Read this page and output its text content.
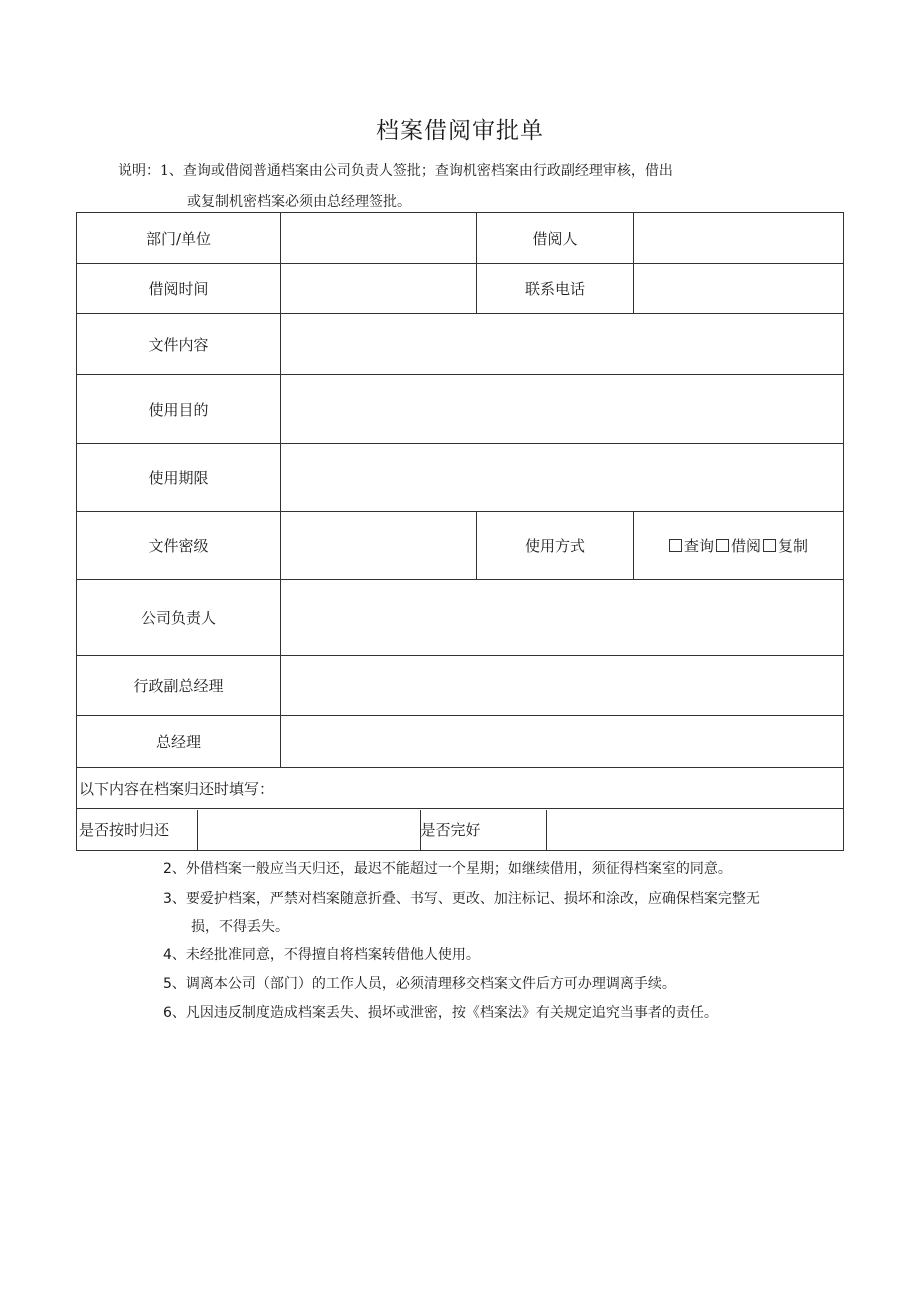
档案借阅审批单
说明：1、查询或借阅普通档案由公司负责人签批；查询机密档案由行政副经理审核，借出
或复制机密档案必须由总经理签批。
部门/单位		借阅人	
借阅时间		联系电话	
文件内容	
使用目的	
使用期限	
文件密级		使用方式	查询 借阅 复制
公司负责人	
行政副总经理	
总经理	
以下内容在档案归还时填写：

是否按时归还		是否完好	
2、外借档案一般应当天归还，最迟不能超过一个星期；如继续借用，须征得档案室的同意。
3、要爱护档案，严禁对档案随意折叠、书写、更改、加注标记、损坏和涂改，应确保档案完整无
损，不得丢失。
4、未经批准同意，不得擅自将档案转借他人使用。
5、调离本公司（部门）的工作人员，必须清理移交档案文件后方可办理调离手续。
6、凡因违反制度造成档案丢失、损坏或泄密，按《档案法》有关规定追究当事者的责任。
